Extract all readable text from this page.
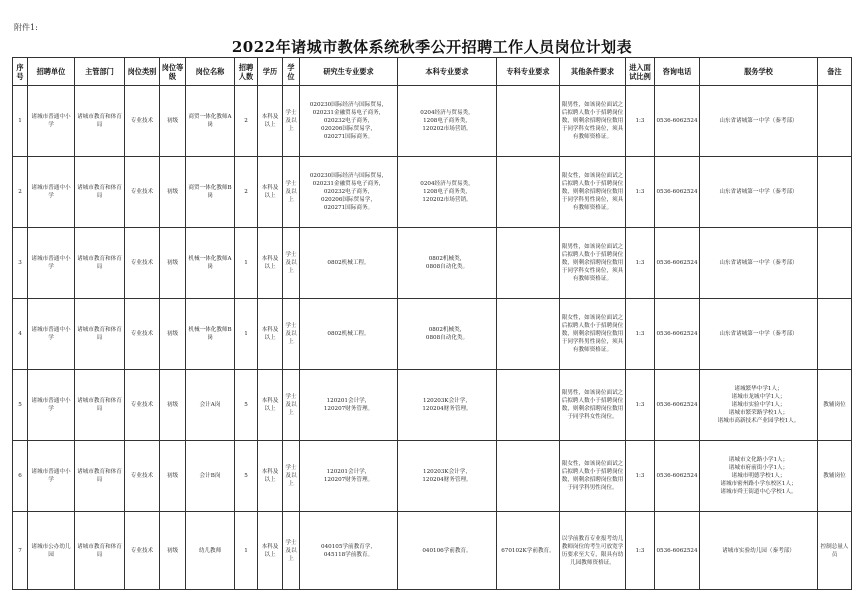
附件1:
2022年诸城市教体系统秋季公开招聘工作人员岗位计划表
序号	招聘单位	主管部门	岗位类别	岗位等级	岗位名称	招聘人数	学历	学位	研究生专业要求	本科专业要求	专科专业要求	其他条件要求	进入面试比例	咨询电话	服务学校	备注
1	诸城市普通中小学	诸城市教育和体育局	专业技术	初级	商贸一体化教师A岗	2	本科及以上	学士及以上	020230国际经济与国际贸易，
020231金融贸易电子商务，
020232电子商务，
020206国际贸易学，
020271国际商务。	0204经济与贸易类，
1208电子商务类，
120202市场营销。		限男性，如该岗位面试之后拟聘人数小于招聘岗位数，则剩余招聘岗位数用于同学科女性岗位，须具有教师资格证。	1:3	0536-6062524	山东省诸城第一中学（秦考部）	

2	诸城市普通中小学	诸城市教育和体育局	专业技术	初级	商贸一体化教师B岗	2	本科及以上	学士及以上	020230国际经济与国际贸易，
020231金融贸易电子商务，
020232电子商务，
020206国际贸易学，
020271国际商务。	0204经济与贸易类，
1208电子商务类，
120202市场营销。		限女性，如该岗位面试之后拟聘人数小于招聘岗位数，则剩余招聘岗位数用于同学科男性岗位，须具有教师资格证。	1:3	0536-6062524	山东省诸城第一中学（秦考部）	

3	诸城市普通中小学	诸城市教育和体育局	专业技术	初级	机械一体化教师A岗	1	本科及以上	学士及以上	0802机械工程。	0802机械类，
0808自动化类。		限男性，如该岗位面试之后拟聘人数小于招聘岗位数，则剩余招聘岗位数用于同学科女性岗位，须具有教师资格证。	1:3	0536-6062524	山东省诸城第一中学（秦考部）	

4	诸城市普通中小学	诸城市教育和体育局	专业技术	初级	机械一体化教师B岗	1	本科及以上	学士及以上	0802机械工程。	0802机械类，
0808自动化类。		限女性，如该岗位面试之后拟聘人数小于招聘岗位数，则剩余招聘岗位数用于同学科男性岗位，须具有教师资格证。	1:3	0536-6062524	山东省诸城第一中学（秦考部）	

5	诸城市普通中小学	诸城市教育和体育局	专业技术	初级	会计A岗	5	本科及以上	学士及以上	120201会计学，
120207财务管理。	120203K会计学，
120204财务管理。		限男性，如该岗位面试之后拟聘人数小于招聘岗位数，则剩余招聘岗位数用于同学科女性岗位。	1:3	0536-6062524	诸城繁华中学1人；
诸城市龙城中学1人；
诸城市实验中学1人；
诸城市繁荣路学校1人；
诸城市高新技术产业园学校1人。	教辅岗位
6	诸城市普通中小学	诸城市教育和体育局	专业技术	初级	会计B岗	5	本科及以上	学士及以上	120201会计学，
120207财务管理。	120203K会计学，
120204财务管理。		限女性，如该岗位面试之后拟聘人数小于招聘岗位数，则剩余招聘岗位数用于同学科男性岗位。	1:3	0536-6062524	诸城市文化路小学1人；
诸城市府前街小学1人；
诸城市明德学校1人；
诸城市密州路小学东校区1人；
诸城市舜王街道中心学校1人。	教辅岗位
7	诸城市公办幼儿园	诸城市教育和体育局	专业技术	初级	幼儿教师	1	本科及以上	学士及以上	040105学前教育学，
045118学前教育。	040106学前教育。	670102K学前教育。	以学前教育专业报考幼儿教师岗位的考生可放宽学历要求至大专，限具有幼儿园教师资格证。	1:3	0536-6062524	诸城市实验幼儿园（秦考部）	控制总量人员
